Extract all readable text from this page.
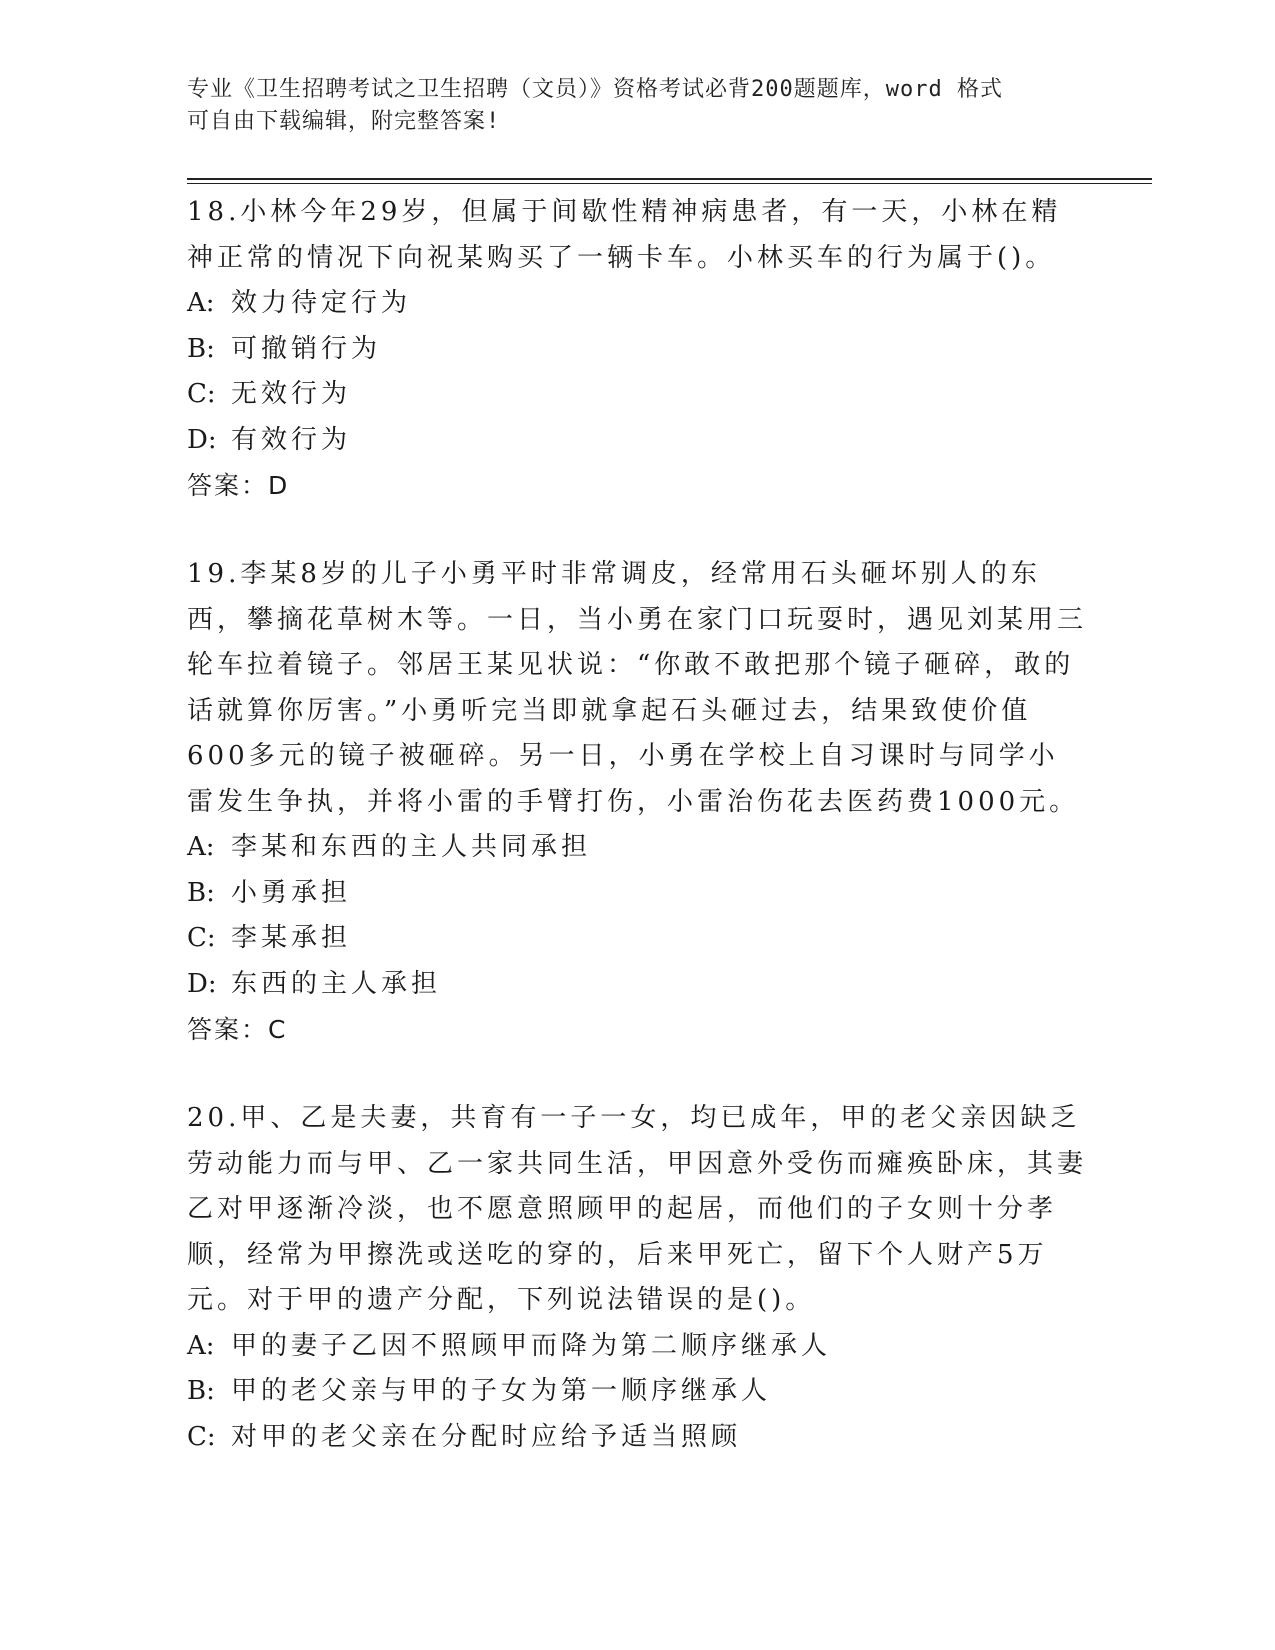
专业《卫生招聘考试之卫生招聘（文员）》资格考试必背200题题库，word 格式
可自由下载编辑，附完整答案!

18.小林今年29岁，但属于间歇性精神病患者，有一天，小林在精神正常的情况下向祝某购买了一辆卡车。小林买车的行为属于()。

A: 效力待定行为

B: 可撤销行为

C: 无效行为

D: 有效行为

答案：D

19.李某8岁的儿子小勇平时非常调皮，经常用石头砸坏别人的东西，攀摘花草树木等。一日，当小勇在家门口玩耍时，遇见刘某用三轮车拉着镜子。邻居王某见状说：“你敢不敢把那个镜子砸碎，敢的话就算你厉害。”小勇听完当即就拿起石头砸过去，结果致使价值600多元的镜子被砸碎。另一日，小勇在学校上自习课时与同学小雷发生争执，并将小雷的手臂打伤，小雷治伤花去医药费1000元。

A: 李某和东西的主人共同承担

B: 小勇承担

C: 李某承担

D: 东西的主人承担

答案：C

20.甲、乙是夫妻，共育有一子一女，均已成年，甲的老父亲因缺乏劳动能力而与甲、乙一家共同生活，甲因意外受伤而瘫痪卧床，其妻乙对甲逐渐冷淡，也不愿意照顾甲的起居，而他们的子女则十分孝顺，经常为甲擦洗或送吃的穿的，后来甲死亡，留下个人财产5万元。对于甲的遗产分配，下列说法错误的是()。

A: 甲的妻子乙因不照顾甲而降为第二顺序继承人

B: 甲的老父亲与甲的子女为第一顺序继承人

C: 对甲的老父亲在分配时应给予适当照顾
